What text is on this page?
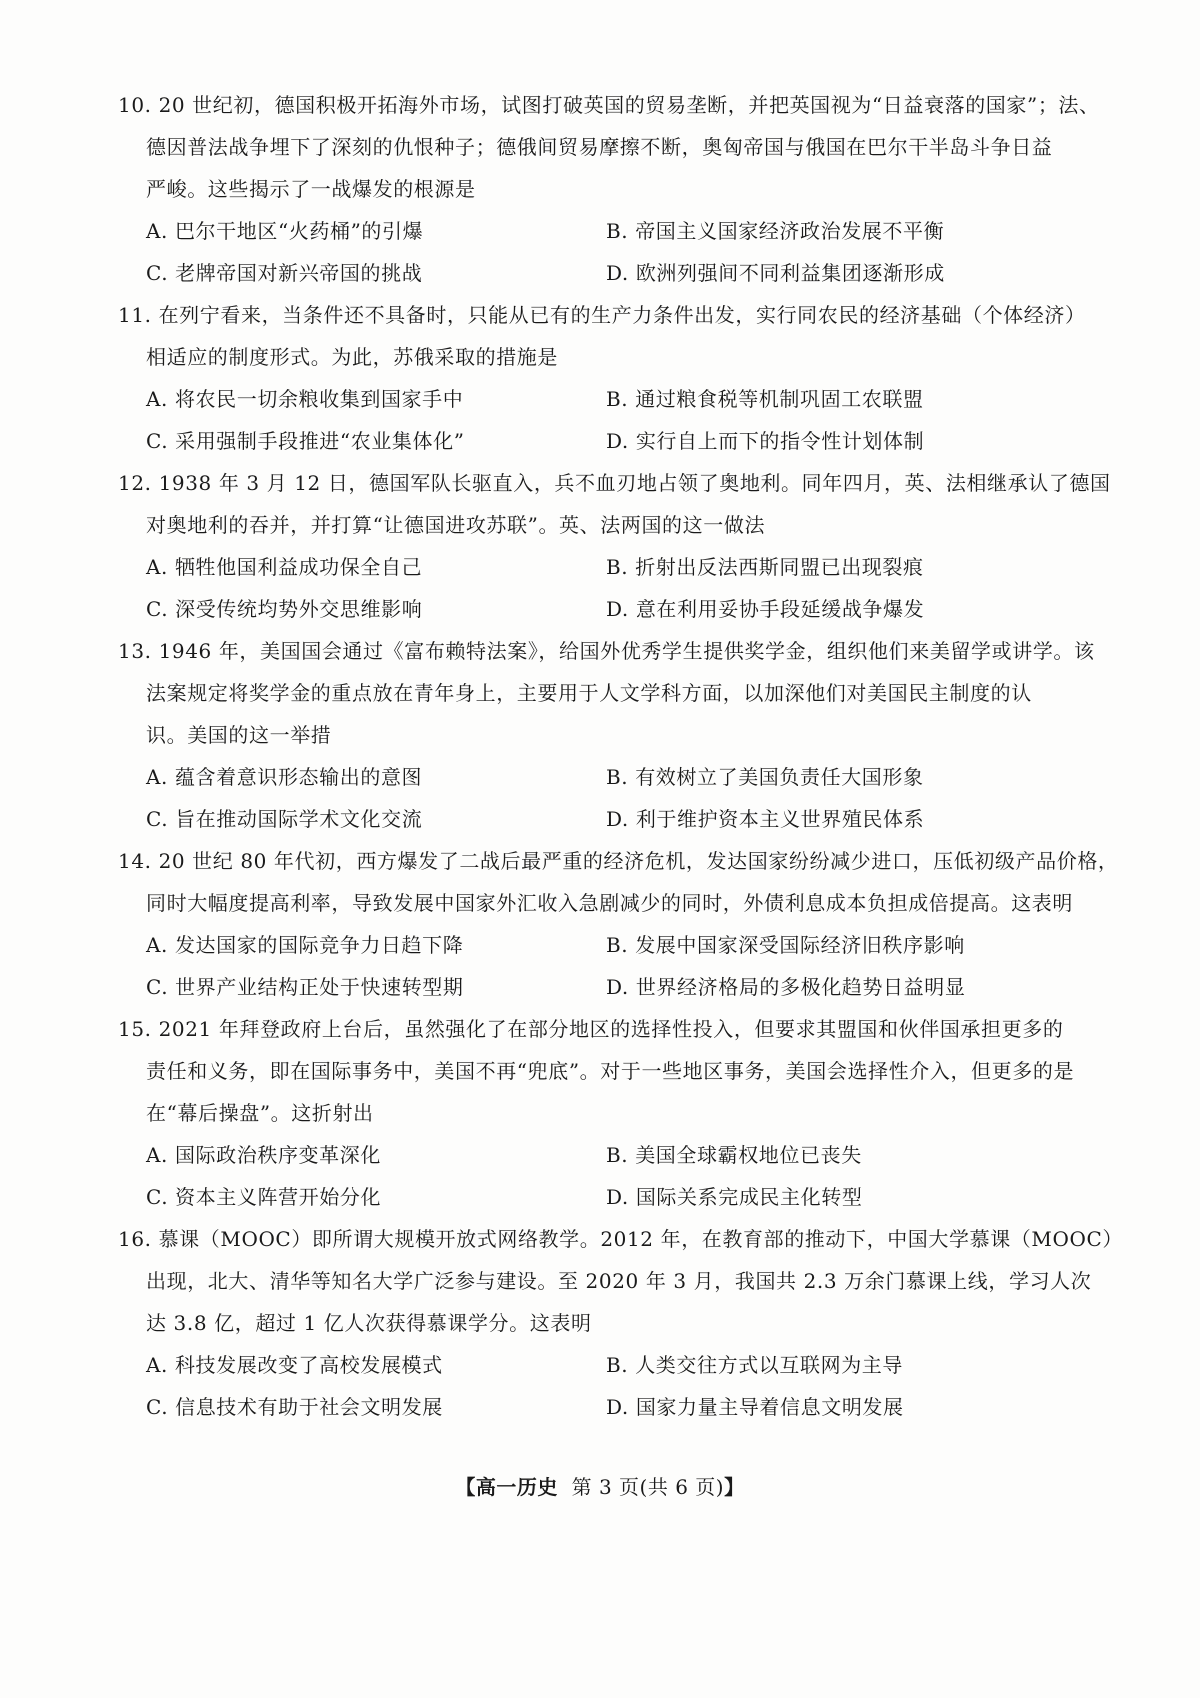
10. 20 世纪初，德国积极开拓海外市场，试图打破英国的贸易垄断，并把英国视为“日益衰落的国家”；法、
德因普法战争埋下了深刻的仇恨种子；德俄间贸易摩擦不断，奥匈帝国与俄国在巴尔干半岛斗争日益
严峻。这些揭示了一战爆发的根源是
A. 巴尔干地区“火药桶”的引爆	B. 帝国主义国家经济政治发展不平衡
C. 老牌帝国对新兴帝国的挑战	D. 欧洲列强间不同利益集团逐渐形成
11. 在列宁看来，当条件还不具备时，只能从已有的生产力条件出发，实行同农民的经济基础（个体经济）
相适应的制度形式。为此，苏俄采取的措施是
A. 将农民一切余粮收集到国家手中	B. 通过粮食税等机制巩固工农联盟
C. 采用强制手段推进“农业集体化”	D. 实行自上而下的指令性计划体制
12. 1938 年 3 月 12 日，德国军队长驱直入，兵不血刃地占领了奥地利。同年四月，英、法相继承认了德国
对奥地利的吞并，并打算“让德国进攻苏联”。英、法两国的这一做法
A. 牺牲他国利益成功保全自己	B. 折射出反法西斯同盟已出现裂痕
C. 深受传统均势外交思维影响	D. 意在利用妥协手段延缓战争爆发
13. 1946 年，美国国会通过《富布赖特法案》，给国外优秀学生提供奖学金，组织他们来美留学或讲学。该
法案规定将奖学金的重点放在青年身上，主要用于人文学科方面，以加深他们对美国民主制度的认
识。美国的这一举措
A. 蕴含着意识形态输出的意图	B. 有效树立了美国负责任大国形象
C. 旨在推动国际学术文化交流	D. 利于维护资本主义世界殖民体系
14. 20 世纪 80 年代初，西方爆发了二战后最严重的经济危机，发达国家纷纷减少进口，压低初级产品价格，
同时大幅度提高利率，导致发展中国家外汇收入急剧减少的同时，外债利息成本负担成倍提高。这表明
A. 发达国家的国际竞争力日趋下降	B. 发展中国家深受国际经济旧秩序影响
C. 世界产业结构正处于快速转型期	D. 世界经济格局的多极化趋势日益明显
15. 2021 年拜登政府上台后，虽然强化了在部分地区的选择性投入，但要求其盟国和伙伴国承担更多的
责任和义务，即在国际事务中，美国不再“兜底”。对于一些地区事务，美国会选择性介入，但更多的是
在“幕后操盘”。这折射出
A. 国际政治秩序变革深化	B. 美国全球霸权地位已丧失
C. 资本主义阵营开始分化	D. 国际关系完成民主化转型
16. 慕课（MOOC）即所谓大规模开放式网络教学。2012 年，在教育部的推动下，中国大学慕课（MOOC）
出现，北大、清华等知名大学广泛参与建设。至 2020 年 3 月，我国共 2.3 万余门慕课上线，学习人次
达 3.8 亿，超过 1 亿人次获得慕课学分。这表明
A. 科技发展改变了高校发展模式	B. 人类交往方式以互联网为主导
C. 信息技术有助于社会文明发展	D. 国家力量主导着信息文明发展
【高一历史 第 3 页(共 6 页)】
